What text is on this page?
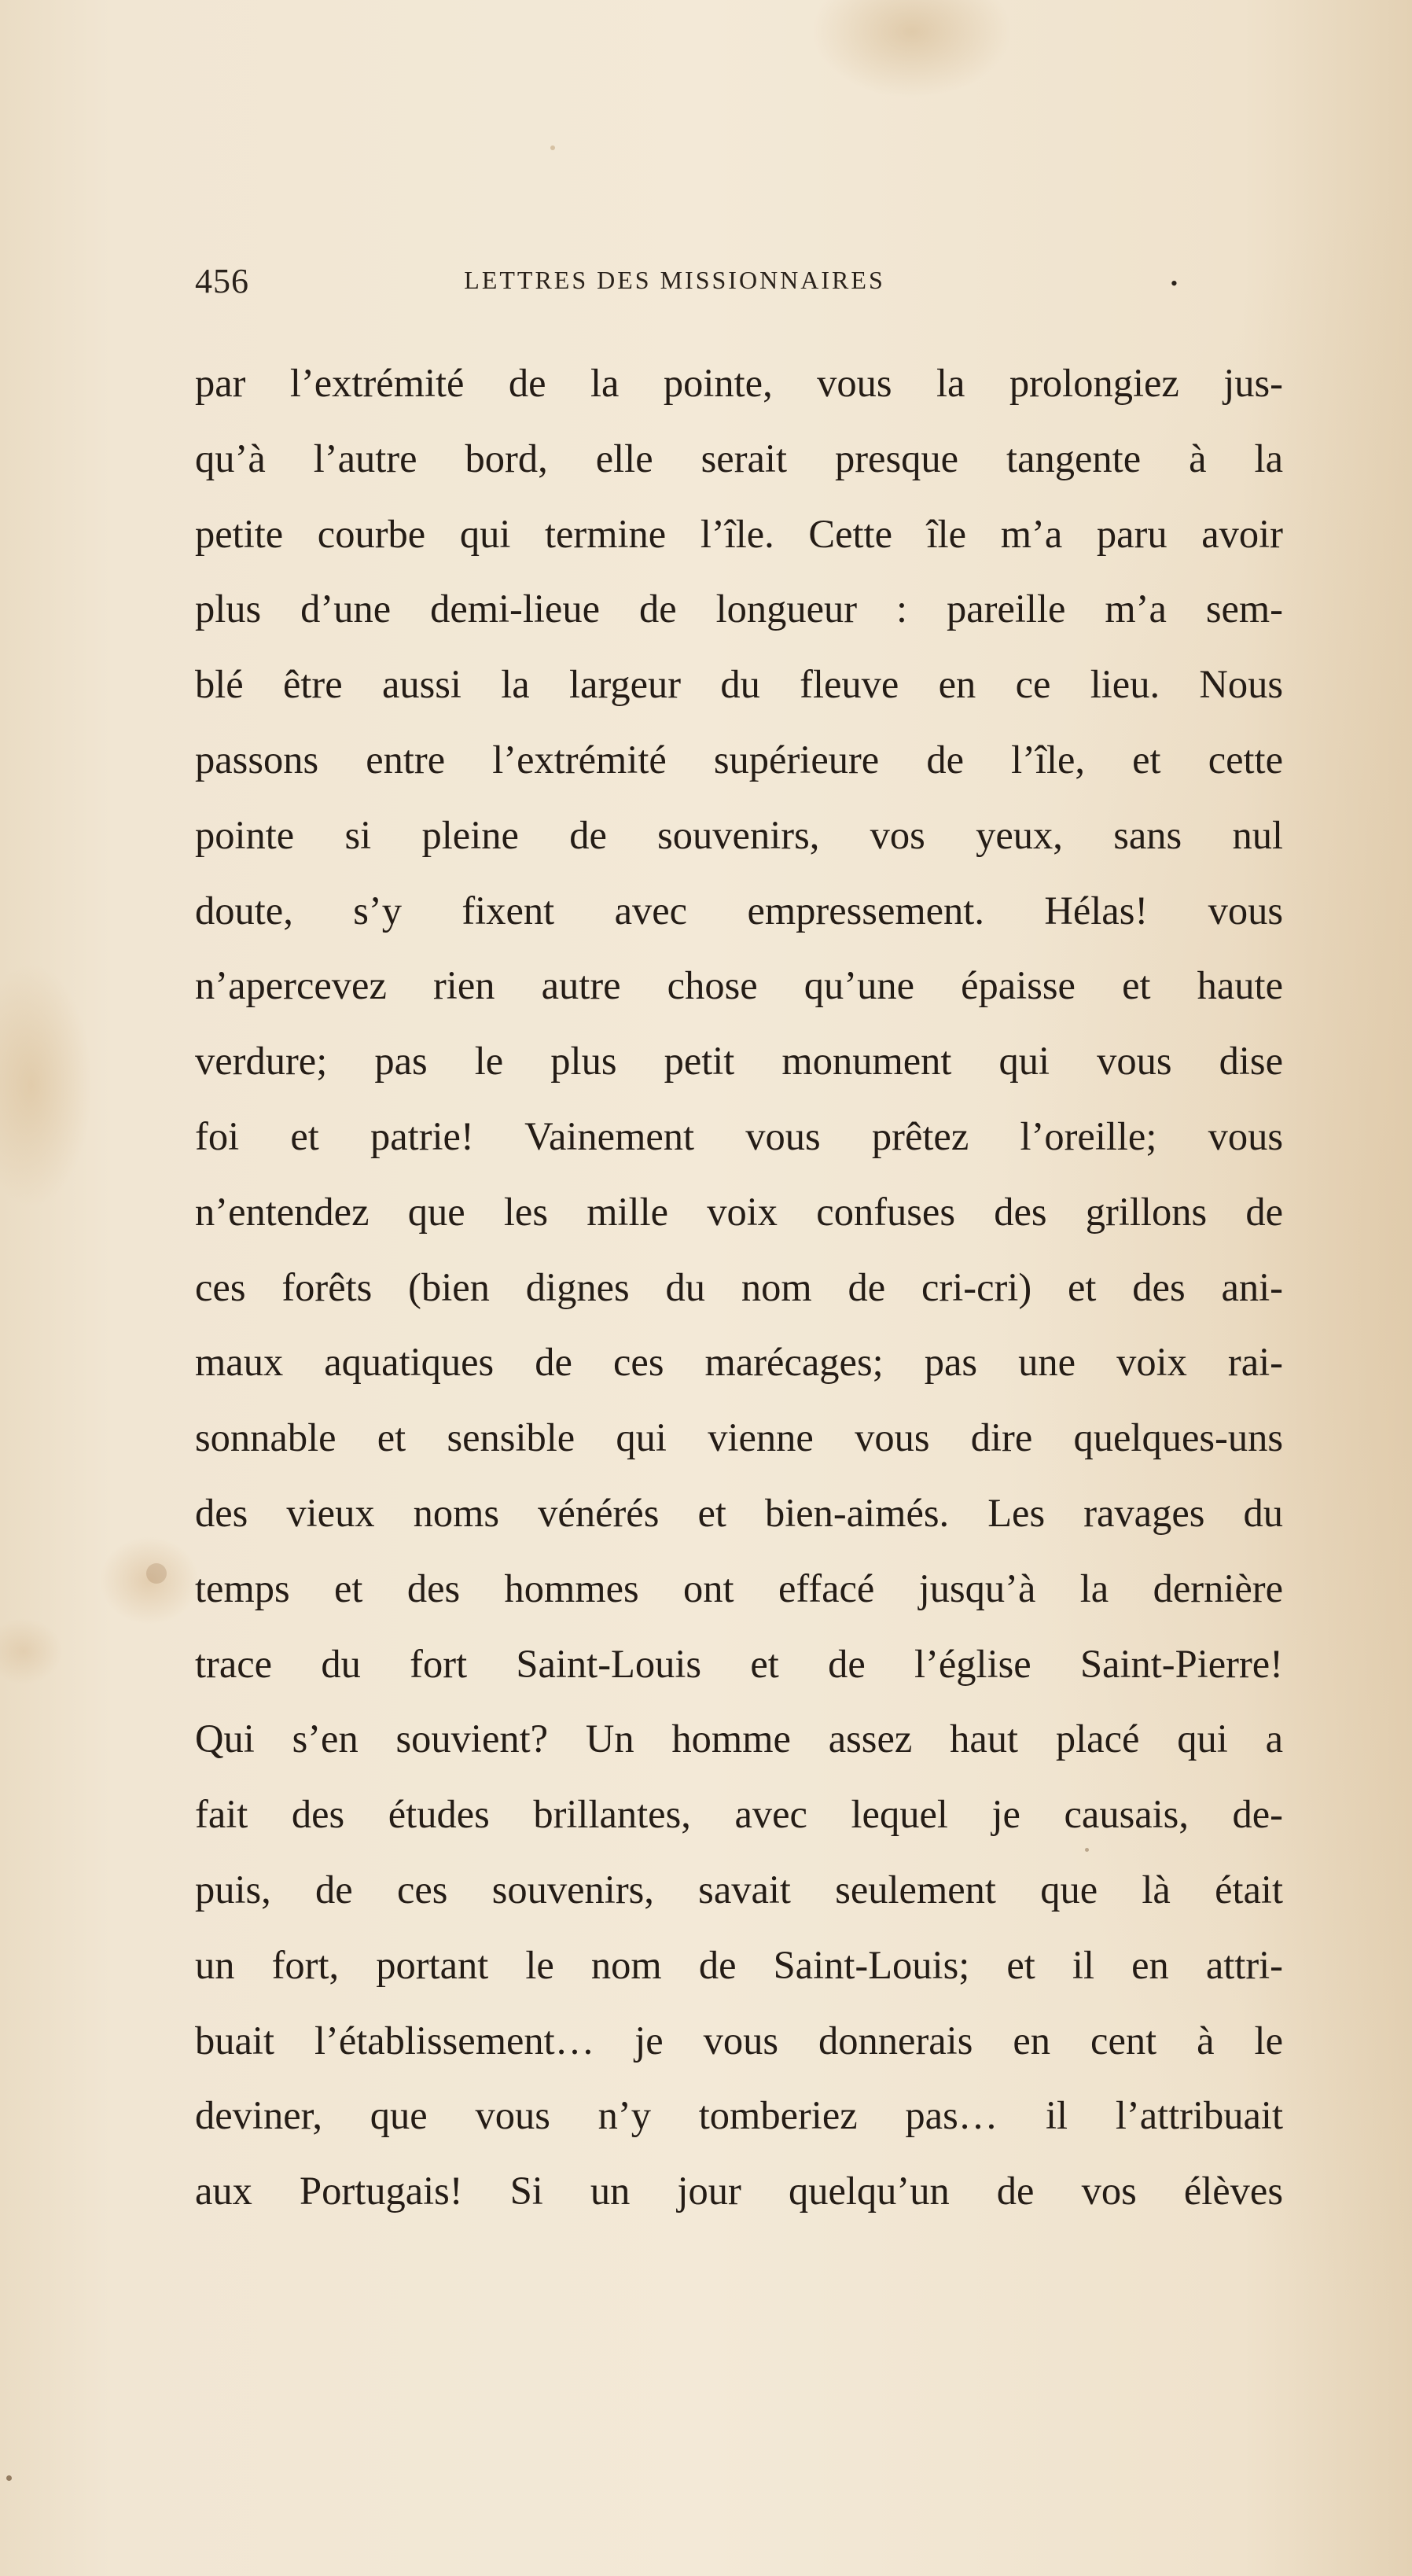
456	LETTRES DES MISSIONNAIRES	•
par l’extrémité de la pointe, vous la prolongiez jus-
qu’à l’autre bord, elle serait presque tangente à la
petite courbe qui termine l’île. Cette île m’a paru avoir
plus d’une demi-lieue de longueur : pareille m’a sem-
blé être aussi la largeur du fleuve en ce lieu. Nous
passons entre l’extrémité supérieure de l’île, et cette
pointe si pleine de souvenirs, vos yeux, sans nul
doute, s’y fixent avec empressement. Hélas! vous
n’apercevez rien autre chose qu’une épaisse et haute
verdure; pas le plus petit monument qui vous dise
foi et patrie! Vainement vous prêtez l’oreille; vous
n’entendez que les mille voix confuses des grillons de
ces forêts (bien dignes du nom de cri-cri) et des ani-
maux aquatiques de ces marécages; pas une voix rai-
sonnable et sensible qui vienne vous dire quelques-uns
des vieux noms vénérés et bien-aimés. Les ravages du
temps et des hommes ont effacé jusqu’à la dernière
trace du fort Saint-Louis et de l’église Saint-Pierre!
Qui s’en souvient? Un homme assez haut placé qui a
fait des études brillantes, avec lequel je causais, de-
puis, de ces souvenirs, savait seulement que là était
un fort, portant le nom de Saint-Louis; et il en attri-
buait l’établissement… je vous donnerais en cent à le
deviner, que vous n’y tomberiez pas… il l’attribuait
aux Portugais! Si un jour quelqu’un de vos élèves
